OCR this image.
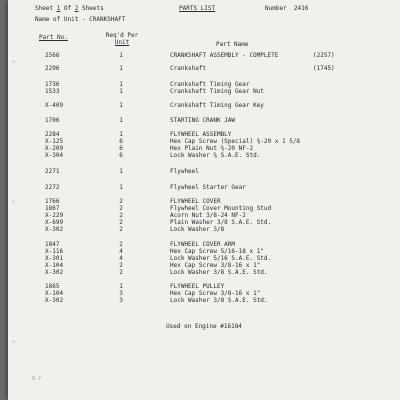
Sheet 1 Of 2 Sheets

	PARTS LIST

	Number 2416

Name of Unit - CRANKSHAFT

Part No.

	Req'd Per
Unit

	Part Name

2566	1	CRANKSHAFT ASSEMBLY - COMPLETE	(2257)
2296	1	Crankshaft	(1745)
1736	1	Crankshaft Timing Gear
1533	1	Crankshaft Timing Gear Nut
X-409	1	Crankshaft Timing Gear Key
1706	1	STARTING CRANK JAW
2284	1	FLYWHEEL ASSEMBLY
X-125	6	Hex Cap Screw (Special) ⅜-20 x 1 5/8
X-209	6	Hex Plain Nut ⅜-20 NF-2
X-304	6	Lock Washer ⅜ S.A.E. Std.
2271	1	Flywheel
2272	1	Flywheel Starter Gear
1766	2	FLYWHEEL COVER
1867	2	Flywheel Cover Mounting Stud
X-229	2	Acorn Nut 3/8-24 NF-2
X-699	2	Plain Washer 3/8 S.A.E. Std.
X-302	2	Lock Washer 3/8
1847	2	FLYWHEEL COVER ARM
X-116	4	Hex Cap Screw 5/16-18 x 1"
X-301	4	Lock Washer 5/16 S.A.E. Std.
X-104	2	Hex Cap Screw 3/8-16 x 1"
X-302	2	Lock Washer 3/8 S.A.E. Std.
1865	1	FLYWHEEL PULLEY
X-104	3	Hex Cap Screw 3/8-16 x 1"
X-302	3	Lock Washer 3/8 S.A.E. Std.

Used on Engine #16184

0.7
